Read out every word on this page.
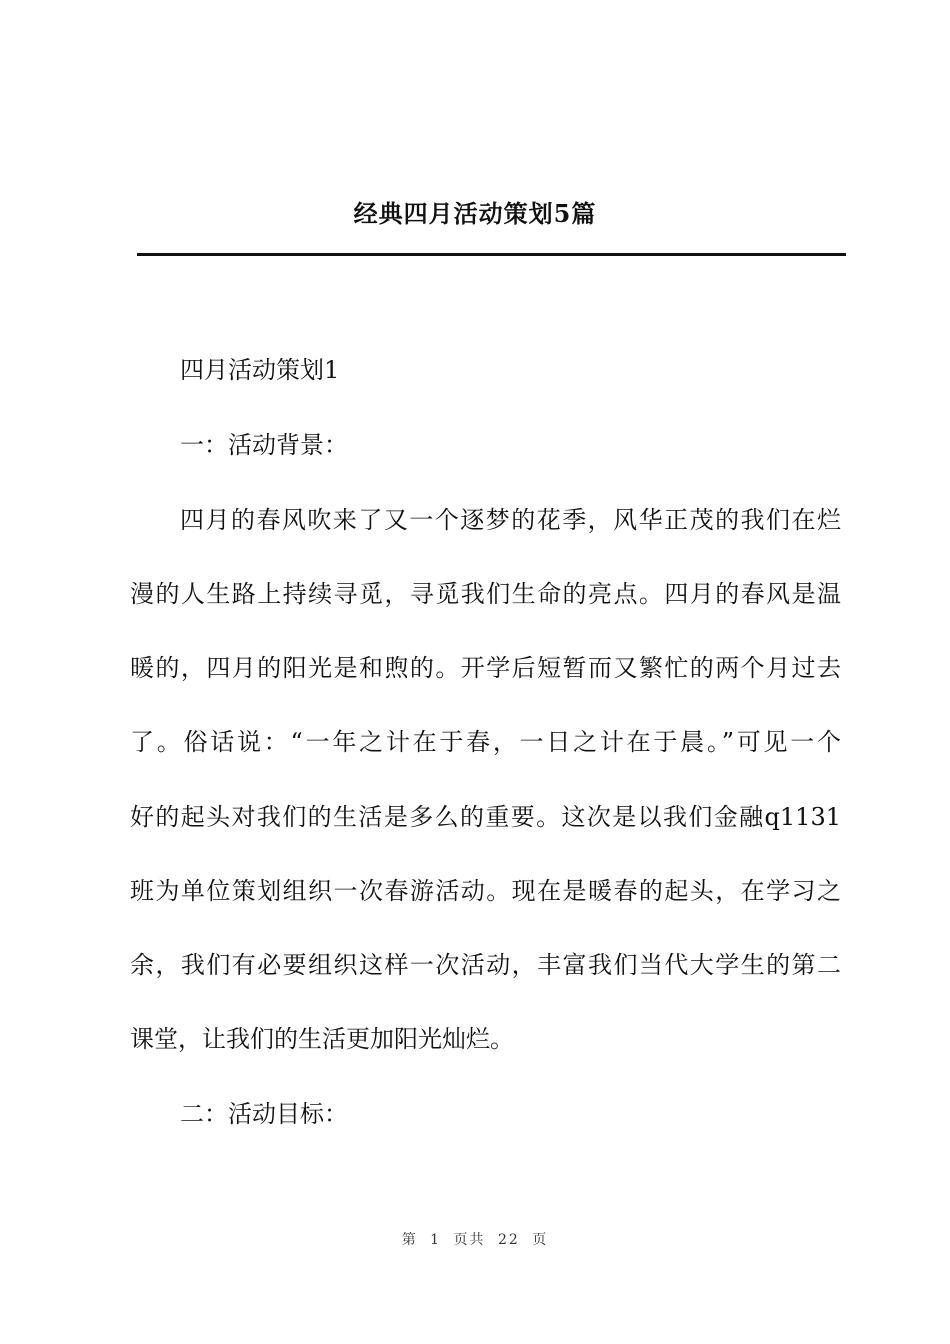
经典四月活动策划5篇
四月活动策划1
一：活动背景：
四月的春风吹来了又一个逐梦的花季，风华正茂的我们在烂
漫的人生路上持续寻觅，寻觅我们生命的亮点。四月的春风是温
暖的，四月的阳光是和煦的。开学后短暂而又繁忙的两个月过去
了。俗话说：“一年之计在于春，一日之计在于晨。”可见一个
好的起头对我们的生活是多么的重要。这次是以我们金融q1131
班为单位策划组织一次春游活动。现在是暖春的起头，在学习之
余，我们有必要组织这样一次活动，丰富我们当代大学生的第二
课堂，让我们的生活更加阳光灿烂。
二：活动目标：
第 1 页共 22 页
